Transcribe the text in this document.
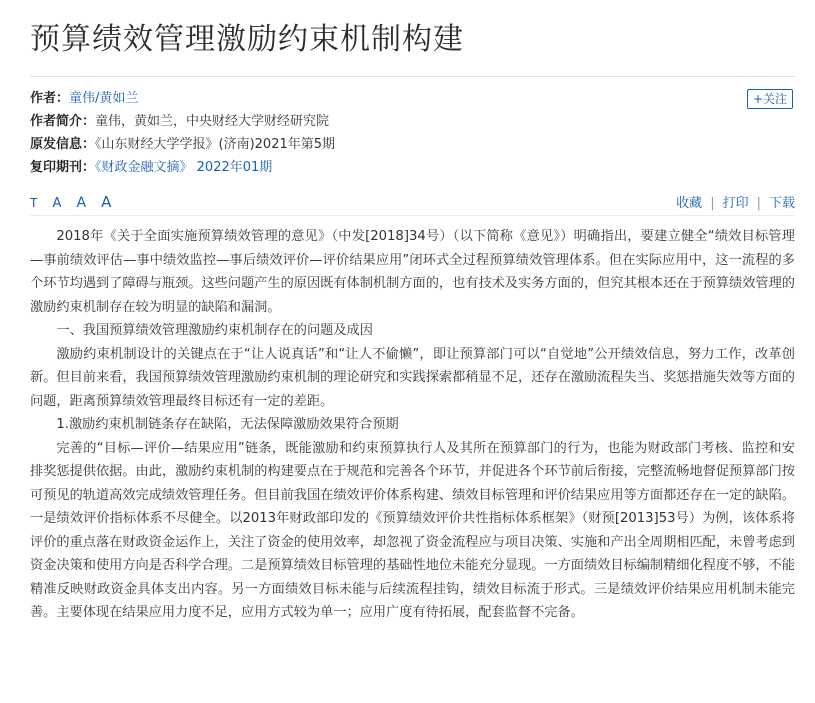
预算绩效管理激励约束机制构建
作者：童伟/黄如兰
作者简介：童伟，黄如兰，中央财经大学财经研究院
原发信息：《山东财经大学学报》(济南)2021年第5期
复印期刊：《财政金融文摘》 2022年01期
+关注
T A A A	收藏 | 打印 | 下载

2018年《关于全面实施预算绩效管理的意见》（中发[2018]34号）（以下简称《意见》）明确指出，要建立健全“绩效目标管理—事前绩效评估—事中绩效监控—事后绩效评价—评价结果应用”闭环式全过程预算绩效管理体系。但在实际应用中，这一流程的多个环节均遇到了障碍与瓶颈。这些问题产生的原因既有体制机制方面的，也有技术及实务方面的，但究其根本还在于预算绩效管理的激励约束机制存在较为明显的缺陷和漏洞。

一、我国预算绩效管理激励约束机制存在的问题及成因

激励约束机制设计的关键点在于“让人说真话”和“让人不偷懒”，即让预算部门可以“自觉地”公开绩效信息，努力工作，改革创新。但目前来看，我国预算绩效管理激励约束机制的理论研究和实践探索都稍显不足，还存在激励流程失当、奖惩措施失效等方面的问题，距离预算绩效管理最终目标还有一定的差距。

1.激励约束机制链条存在缺陷，无法保障激励效果符合预期

完善的“目标—评价—结果应用”链条，既能激励和约束预算执行人及其所在预算部门的行为，也能为财政部门考核、监控和安排奖惩提供依据。由此，激励约束机制的构建要点在于规范和完善各个环节，并促进各个环节前后衔接，完整流畅地督促预算部门按可预见的轨道高效完成绩效管理任务。但目前我国在绩效评价体系构建、绩效目标管理和评价结果应用等方面都还存在一定的缺陷。一是绩效评价指标体系不尽健全。以2013年财政部印发的《预算绩效评价共性指标体系框架》（财预[2013]53号）为例，该体系将评价的重点落在财政资金运作上，关注了资金的使用效率，却忽视了资金流程应与项目决策、实施和产出全周期相匹配，未曾考虑到资金决策和使用方向是否科学合理。二是预算绩效目标管理的基础性地位未能充分显现。一方面绩效目标编制精细化程度不够，不能精准反映财政资金具体支出内容。另一方面绩效目标未能与后续流程挂钩，绩效目标流于形式。三是绩效评价结果应用机制未能完善。主要体现在结果应用力度不足，应用方式较为单一；应用广度有待拓展，配套监督不完备。
